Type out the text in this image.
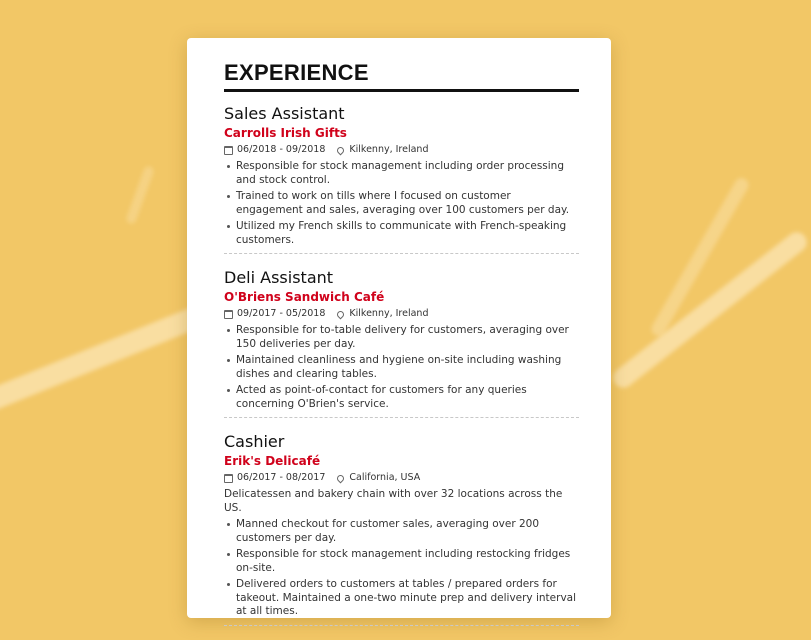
EXPERIENCE
Sales Assistant
Carrolls Irish Gifts
06/2018 - 09/2018	Kilkenny, Ireland
Responsible for stock management including order processing and stock control.
Trained to work on tills where I focused on customer engagement and sales, averaging over 100 customers per day.
Utilized my French skills to communicate with French-speaking customers.
Deli Assistant
O'Briens Sandwich Café
09/2017 - 05/2018	Kilkenny, Ireland
Responsible for to-table delivery for customers, averaging over 150 deliveries per day.
Maintained cleanliness and hygiene on-site including washing dishes and clearing tables.
Acted as point-of-contact for customers for any queries concerning O'Brien's service.
Cashier
Erik's Delicafé
06/2017 - 08/2017	California, USA
Delicatessen and bakery chain with over 32 locations across the US.
Manned checkout for customer sales, averaging over 200 customers per day.
Responsible for stock management including restocking fridges on-site.
Delivered orders to customers at tables / prepared orders for takeout. Maintained a one-two minute prep and delivery interval at all times.
